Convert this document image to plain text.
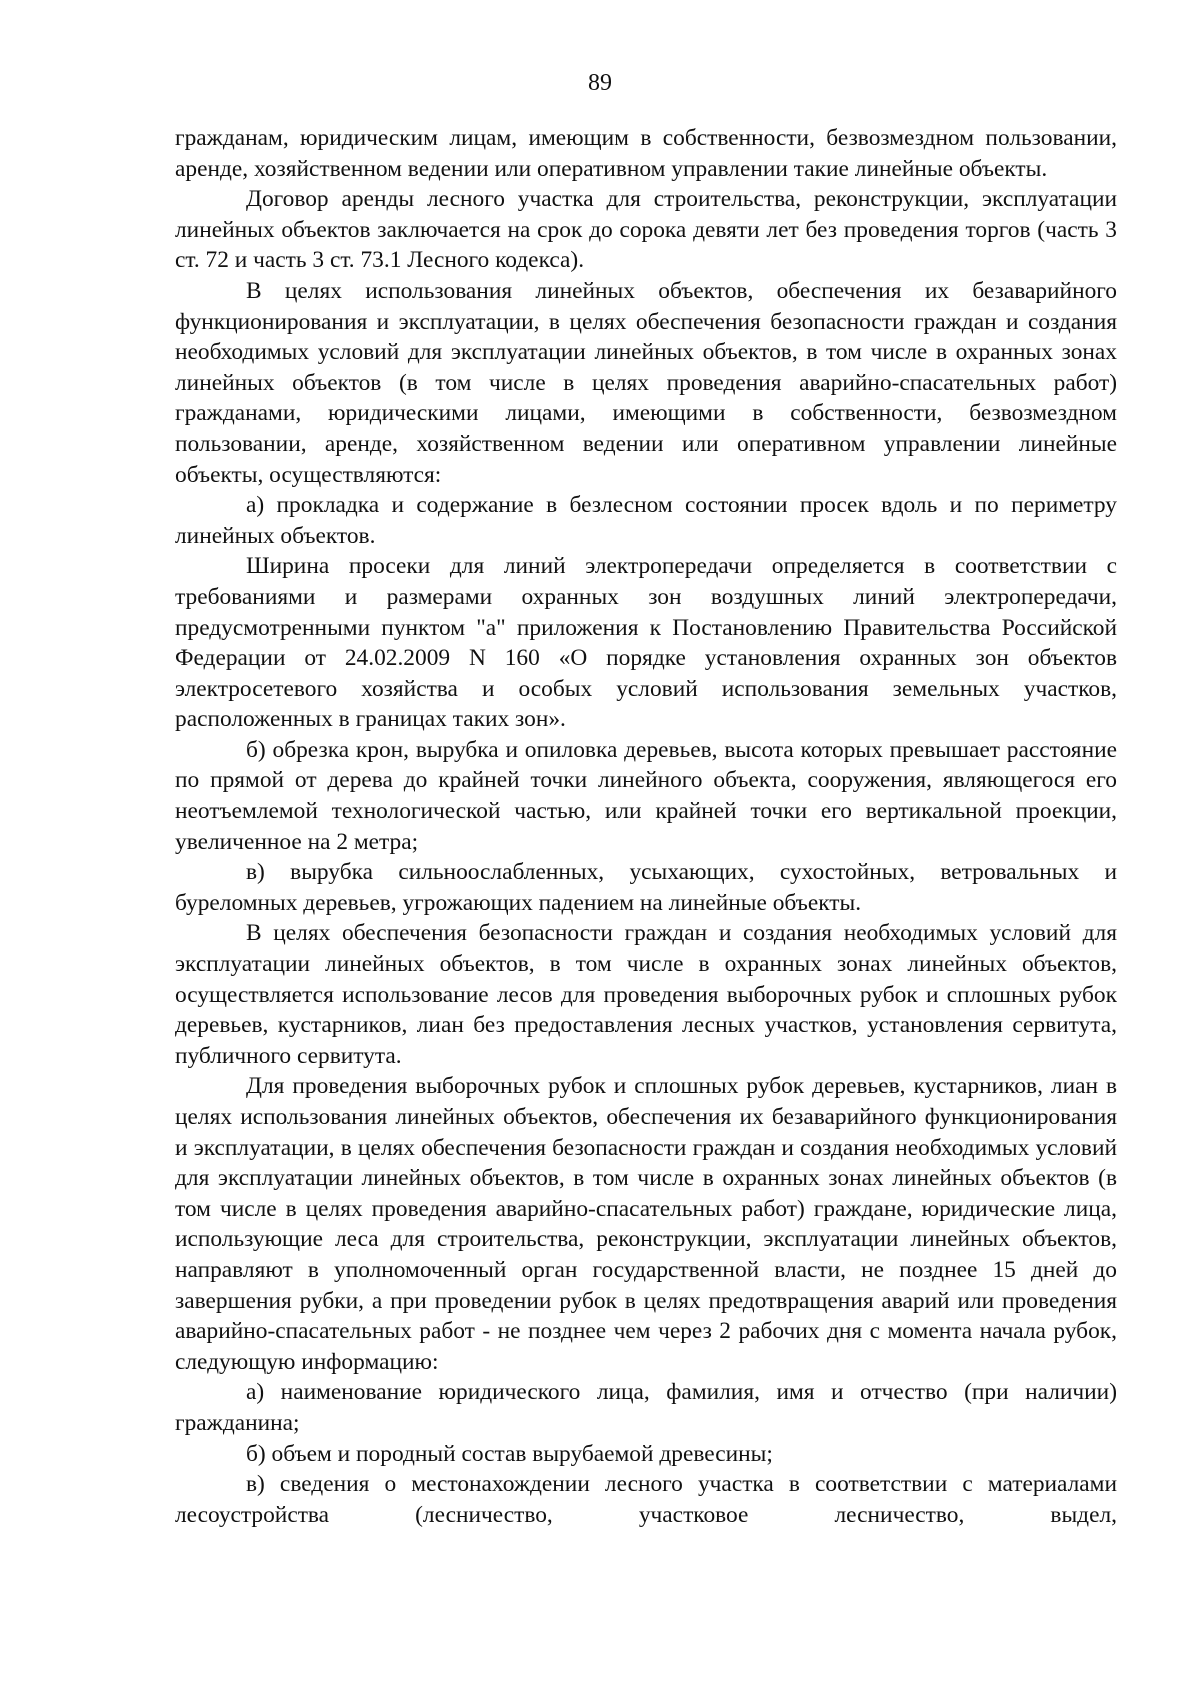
89

гражданам, юридическим лицам, имеющим в собственности, безвозмездном пользовании, аренде, хозяйственном ведении или оперативном управлении такие линейные объекты.

Договор аренды лесного участка для строительства, реконструкции, эксплуатации линейных объектов заключается на срок до сорока девяти лет без проведения торгов (часть 3 ст. 72 и часть 3 ст. 73.1 Лесного кодекса).

В целях использования линейных объектов, обеспечения их безаварийного функционирования и эксплуатации, в целях обеспечения безопасности граждан и создания необходимых условий для эксплуатации линейных объектов, в том числе в охранных зонах линейных объектов (в том числе в целях проведения аварийно-спасательных работ) гражданами, юридическими лицами, имеющими в собственности, безвозмездном пользовании, аренде, хозяйственном ведении или оперативном управлении линейные объекты, осуществляются:

а) прокладка и содержание в безлесном состоянии просек вдоль и по периметру линейных объектов.

Ширина просеки для линий электропередачи определяется в соответствии с требованиями и размерами охранных зон воздушных линий электропередачи, предусмотренными пунктом "а" приложения к Постановлению Правительства Российской Федерации от 24.02.2009 N 160 «О порядке установления охранных зон объектов электросетевого хозяйства и особых условий использования земельных участков, расположенных в границах таких зон».

б) обрезка крон, вырубка и опиловка деревьев, высота которых превышает расстояние по прямой от дерева до крайней точки линейного объекта, сооружения, являющегося его неотъемлемой технологической частью, или крайней точки его вертикальной проекции, увеличенное на 2 метра;

в) вырубка сильноослабленных, усыхающих, сухостойных, ветровальных и буреломных деревьев, угрожающих падением на линейные объекты.

В целях обеспечения безопасности граждан и создания необходимых условий для эксплуатации линейных объектов, в том числе в охранных зонах линейных объектов, осуществляется использование лесов для проведения выборочных рубок и сплошных рубок деревьев, кустарников, лиан без предоставления лесных участков, установления сервитута, публичного сервитута.

Для проведения выборочных рубок и сплошных рубок деревьев, кустарников, лиан в целях использования линейных объектов, обеспечения их безаварийного функционирования и эксплуатации, в целях обеспечения безопасности граждан и создания необходимых условий для эксплуатации линейных объектов, в том числе в охранных зонах линейных объектов (в том числе в целях проведения аварийно-спасательных работ) граждане, юридические лица, использующие леса для строительства, реконструкции, эксплуатации линейных объектов, направляют в уполномоченный орган государственной власти, не позднее 15 дней до завершения рубки, а при проведении рубок в целях предотвращения аварий или проведения аварийно-спасательных работ - не позднее чем через 2 рабочих дня с момента начала рубок, следующую информацию:

а) наименование юридического лица, фамилия, имя и отчество (при наличии) гражданина;

б) объем и породный состав вырубаемой древесины;

в) сведения о местонахождении лесного участка в соответствии с материалами лесоустройства (лесничество, участковое лесничество, выдел,
